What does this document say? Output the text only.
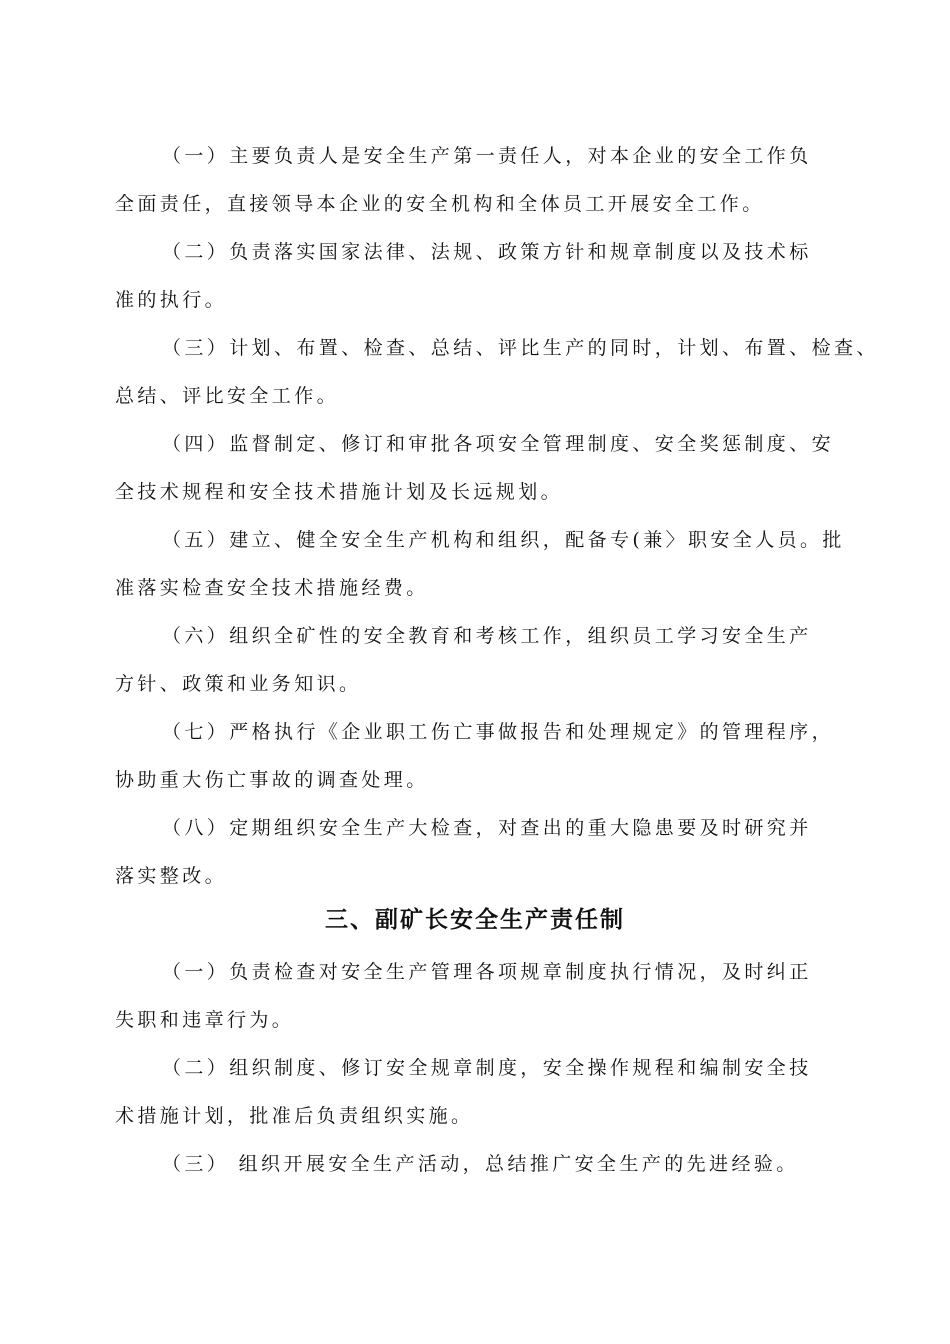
（一）主要负责人是安全生产第一责任人，对本企业的安全工作负
全面责任，直接领导本企业的安全机构和全体员工开展安全工作。
（二）负责落实国家法律、法规、政策方针和规章制度以及技术标
准的执行。
（三）计划、布置、检查、总结、评比生产的同时，计划、布置、检查、
总结、评比安全工作。
（四）监督制定、修订和审批各项安全管理制度、安全奖惩制度、安
全技术规程和安全技术措施计划及长远规划。
（五）建立、健全安全生产机构和组织，配备专(兼〉职安全人员。批
准落实检查安全技术措施经费。
（六）组织全矿性的安全教育和考核工作，组织员工学习安全生产
方针、政策和业务知识。
（七）严格执行《企业职工伤亡事做报告和处理规定》的管理程序，
协助重大伤亡事故的调查处理。
（八）定期组织安全生产大检查，对查出的重大隐患要及时研究并
落实整改。
三、副矿长安全生产责任制
（一）负责检查对安全生产管理各项规章制度执行情况，及时纠正
失职和违章行为。
（二）组织制度、修订安全规章制度，安全操作规程和编制安全技
术措施计划，批准后负责组织实施。
（三） 组织开展安全生产活动，总结推广安全生产的先进经验。
